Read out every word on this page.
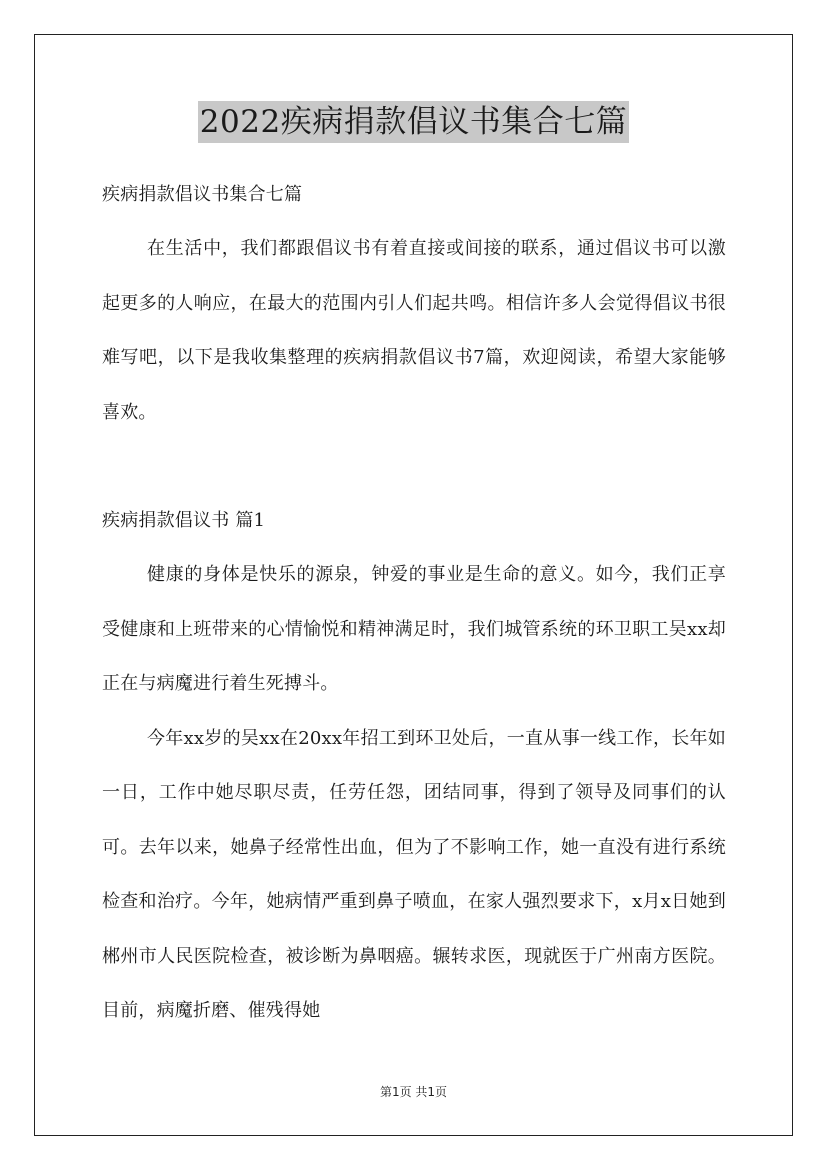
2022疾病捐款倡议书集合七篇

疾病捐款倡议书集合七篇

在生活中，我们都跟倡议书有着直接或间接的联系，通过倡议书可以激起更多的人响应，在最大的范围内引人们起共鸣。相信许多人会觉得倡议书很难写吧，以下是我收集整理的疾病捐款倡议书7篇，欢迎阅读，希望大家能够喜欢。

疾病捐款倡议书 篇1

健康的身体是快乐的源泉，钟爱的事业是生命的意义。如今，我们正享受健康和上班带来的心情愉悦和精神满足时，我们城管系统的环卫职工吴xx却正在与病魔进行着生死搏斗。

今年xx岁的吴xx在20xx年招工到环卫处后，一直从事一线工作，长年如一日，工作中她尽职尽责，任劳任怨，团结同事，得到了领导及同事们的认可。去年以来，她鼻子经常性出血，但为了不影响工作，她一直没有进行系统检查和治疗。今年，她病情严重到鼻子喷血，在家人强烈要求下，x月x日她到郴州市人民医院检查，被诊断为鼻咽癌。辗转求医，现就医于广州南方医院。目前，病魔折磨、催残得她

第1页 共1页
